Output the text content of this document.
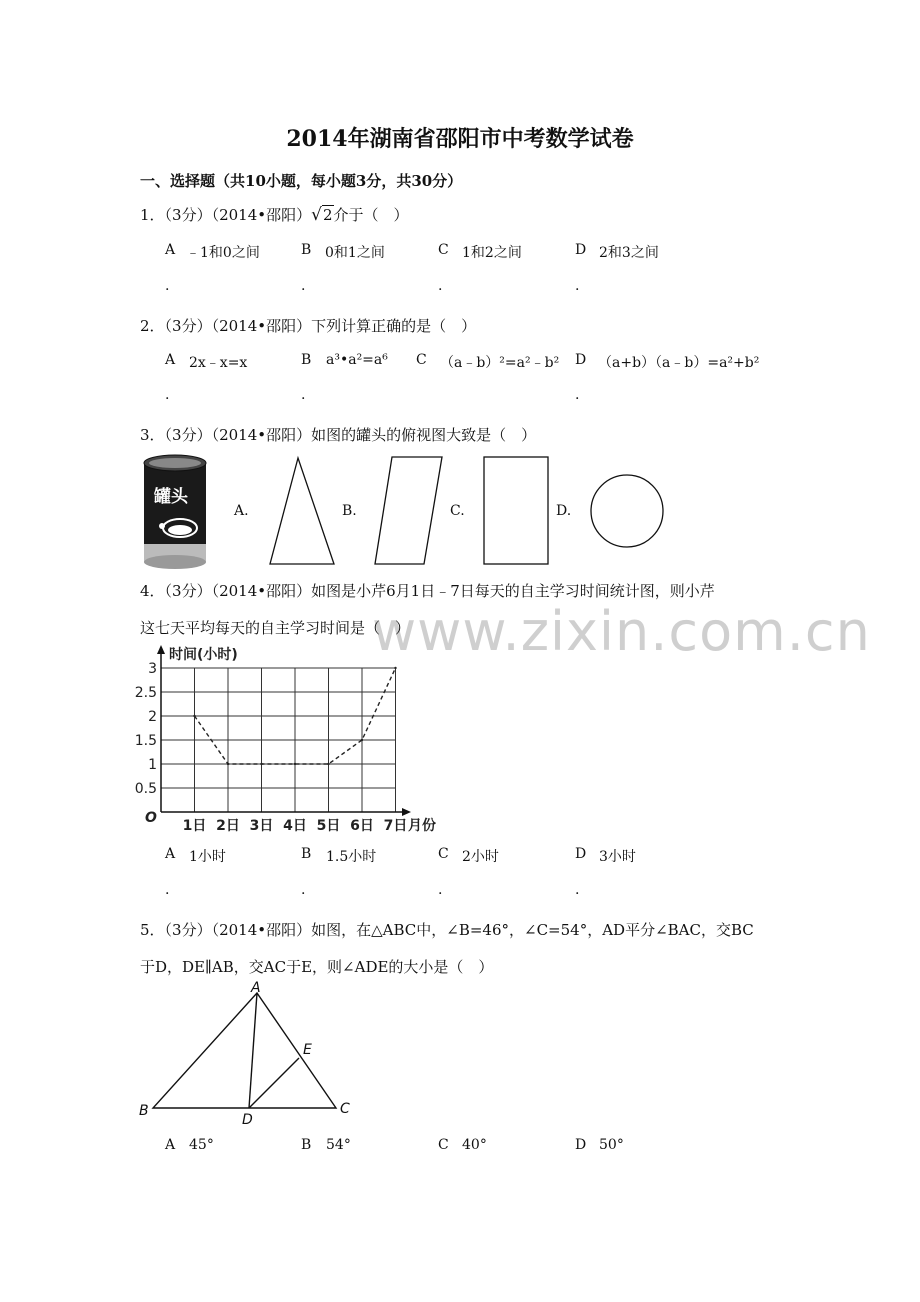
www.zixin.com.cn
2014年湖南省邵阳市中考数学试卷
一、选择题（共10小题，每小题3分，共30分）
1．（3分）（2014•邵阳）√2介于（　）
A ﹣1和0之间	B 0和1之间	C 1和2之间	D 2和3之间
.	.	.	.
2．（3分）（2014•邵阳）下列计算正确的是（　）
A 2x﹣x=x	B a³•a²=a⁶ C （a﹣b）²=a²﹣b² D （a+b）（a﹣b）=a²+b²
.	.	.
3．（3分）（2014•邵阳）如图的罐头的俯视图大致是（　）
罐头
A.	B.	C.	D.
4．（3分）（2014•邵阳）如图是小芹6月1日﹣7日每天的自主学习时间统计图，则小芹
这七天平均每天的自主学习时间是（　）
时间(小时)
月份
O
0.5
1
1.5
2
2.5
3
1日 2日 3日 4日 5日 6日 7日
A 1小时	B 1.5小时	C 2小时	D 3小时
.	.	.	.
5．（3分）（2014•邵阳）如图，在△ABC中，∠B=46°，∠C=54°，AD平分∠BAC，交BC
于D，DE∥AB，交AC于E，则∠ADE的大小是（　）
A
B	C
D
E
A 45°	B 54°	C 40°	D 50°
